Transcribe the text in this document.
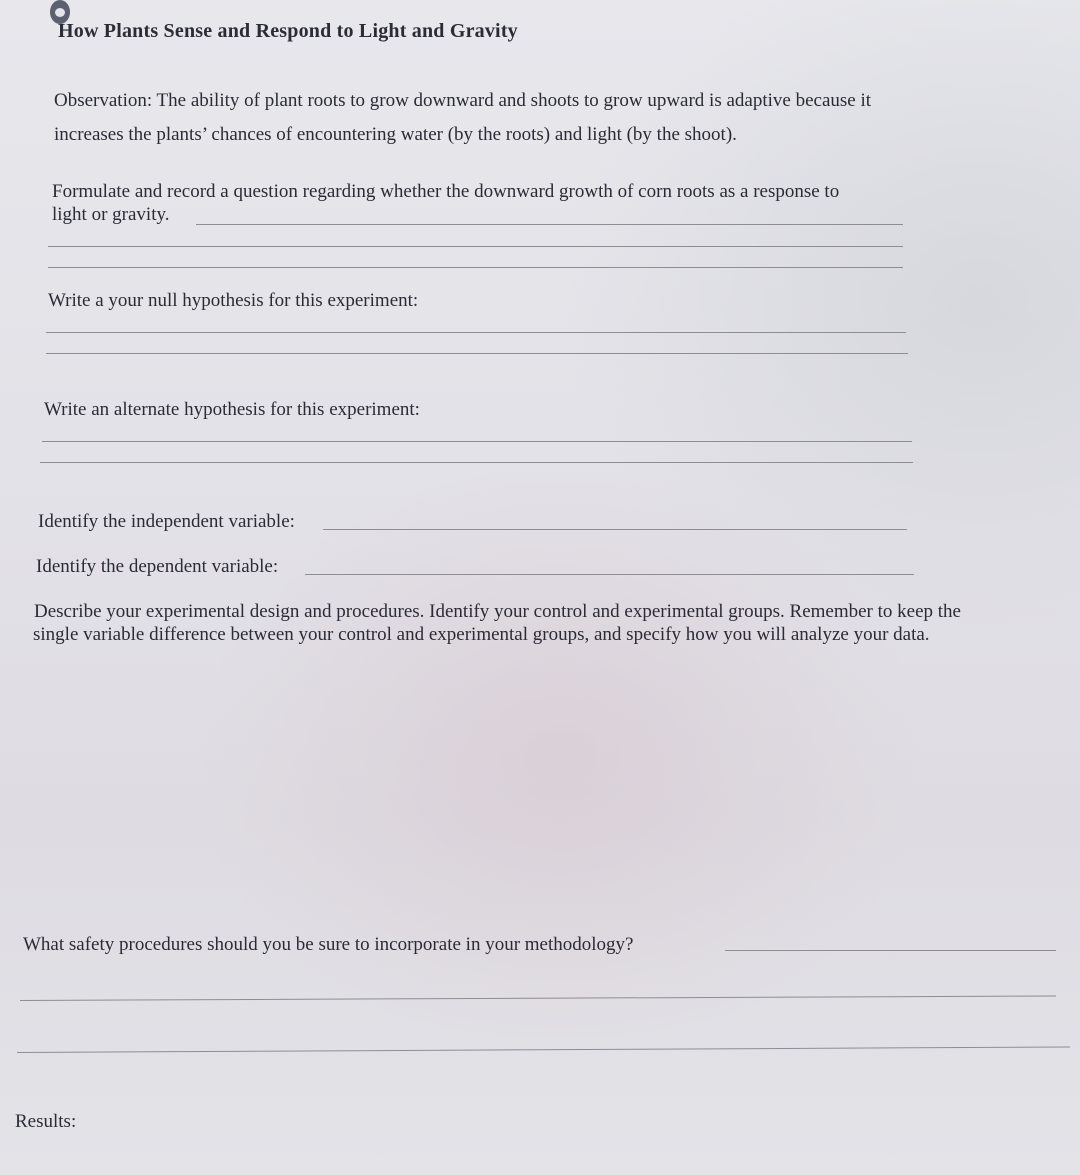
How Plants Sense and Respond to Light and Gravity
Observation: The ability of plant roots to grow downward and shoots to grow upward is adaptive because it
increases the plants’ chances of encountering water (by the roots) and light (by the shoot).
Formulate and record a question regarding whether the downward growth of corn roots as a response to
light or gravity.
Write a your null hypothesis for this experiment:
Write an alternate hypothesis for this experiment:
Identify the independent variable:
Identify the dependent variable:
Describe your experimental design and procedures. Identify your control and experimental groups. Remember to keep the
single variable difference between your control and experimental groups, and specify how you will analyze your data.
What safety procedures should you be sure to incorporate in your methodology?
Results:
